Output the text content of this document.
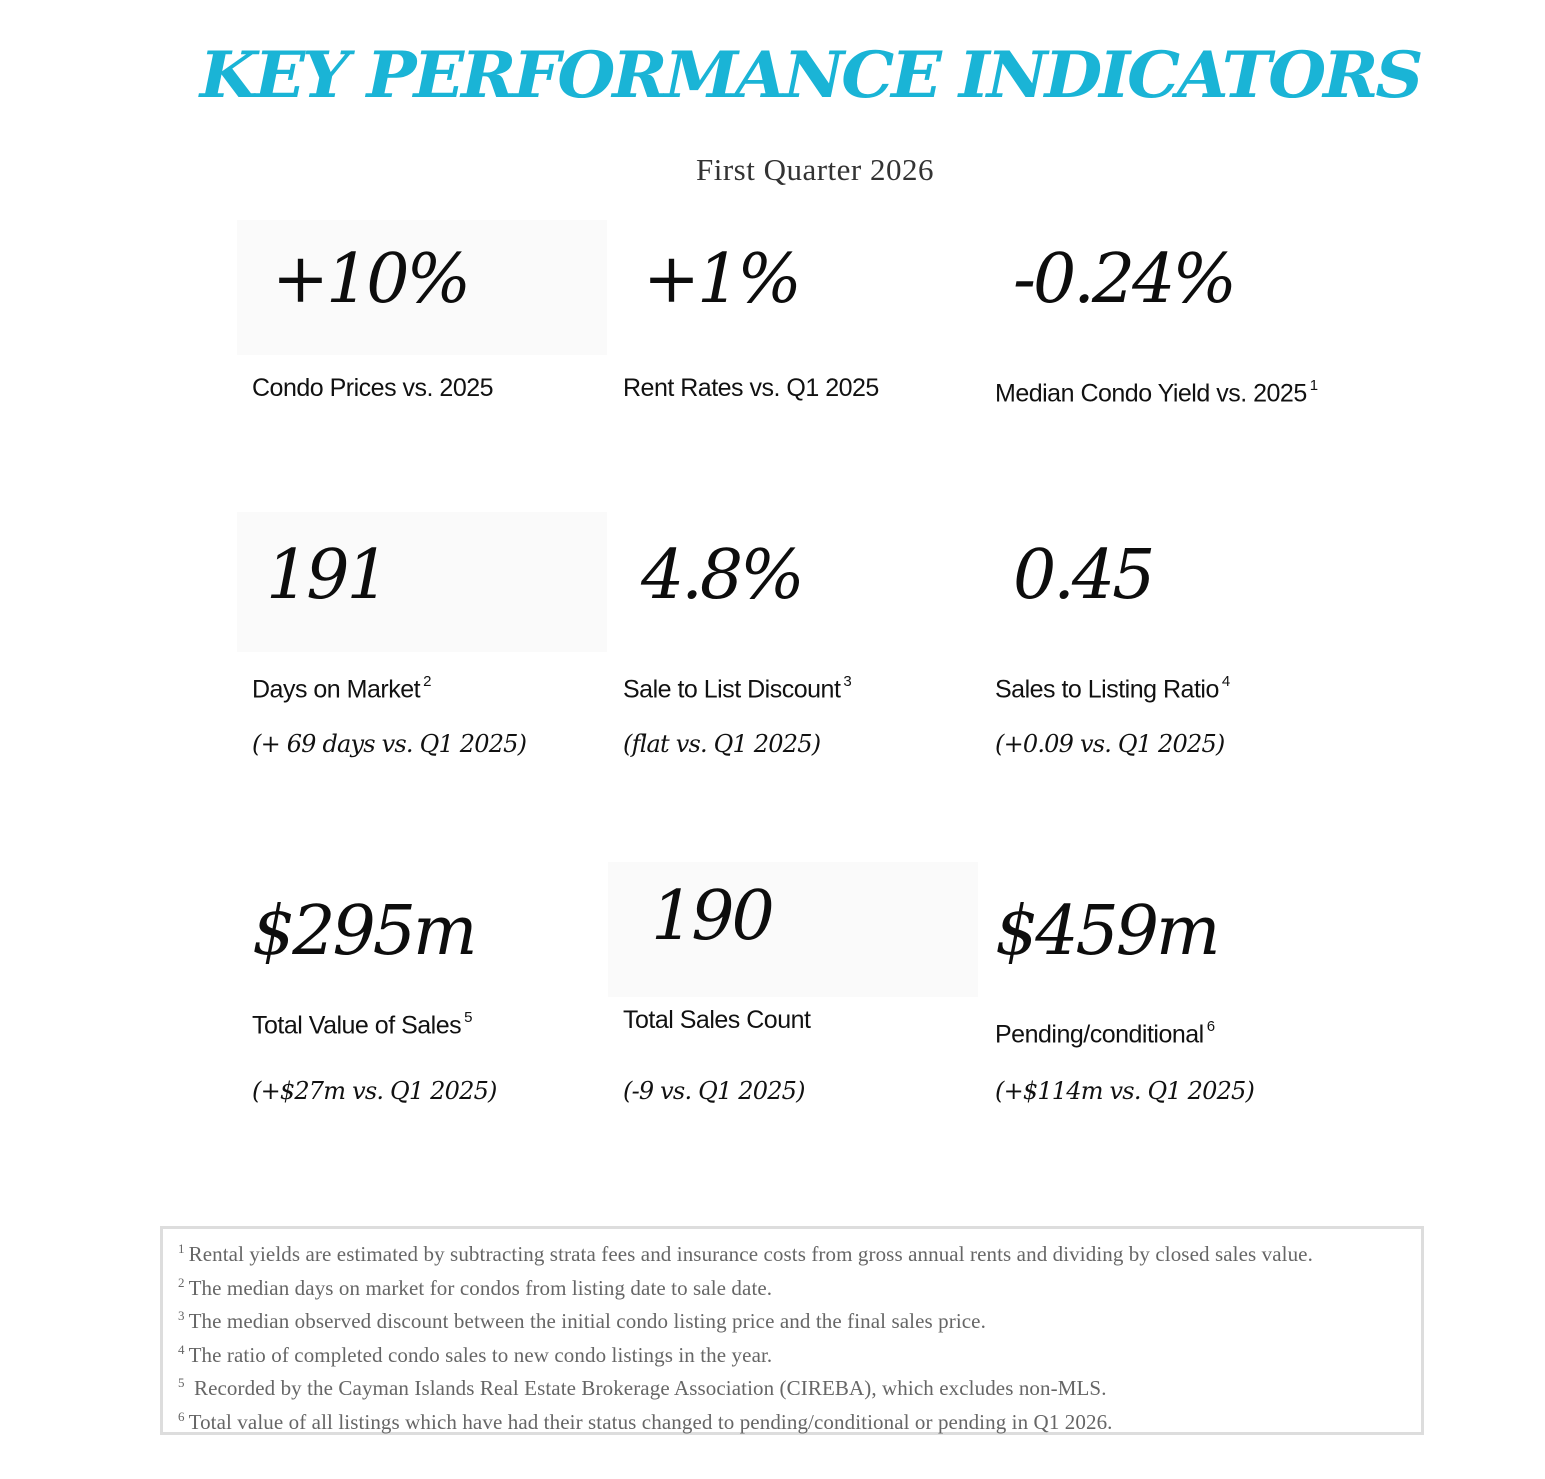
KEY PERFORMANCE INDICATORS
First Quarter 2026
+10%
Condo Prices vs. 2025
+1%
Rent Rates vs. Q1 2025
-0.24%
Median Condo Yield vs. 2025 $^1$
191
Days on Market $^2$
(+ 69 days vs. Q1 2025)
4.8%
Sale to List Discount $^3$
(flat vs. Q1 2025)
0.45
Sales to Listing Ratio $^4$
(+0.09 vs. Q1 2025)
$295m
Total Value of Sales $^5$
(+$27m vs. Q1 2025)
190
Total Sales Count
(-9 vs. Q1 2025)
$459m
Pending/conditional $^6$
(+$114m vs. Q1 2025)
$^1$ Rental yields are estimated by subtracting strata fees and insurance costs from gross annual rents and dividing by closed sales value.
$^2$ The median days on market for condos from listing date to sale date.
$^3$ The median observed discount between the initial condo listing price and the final sales price.
$^4$ The ratio of completed condo sales to new condo listings in the year.
$^5$ Recorded by the Cayman Islands Real Estate Brokerage Association (CIREBA), which excludes non-MLS.
$^6$ Total value of all listings which have had their status changed to pending/conditional or pending in Q1 2026.
